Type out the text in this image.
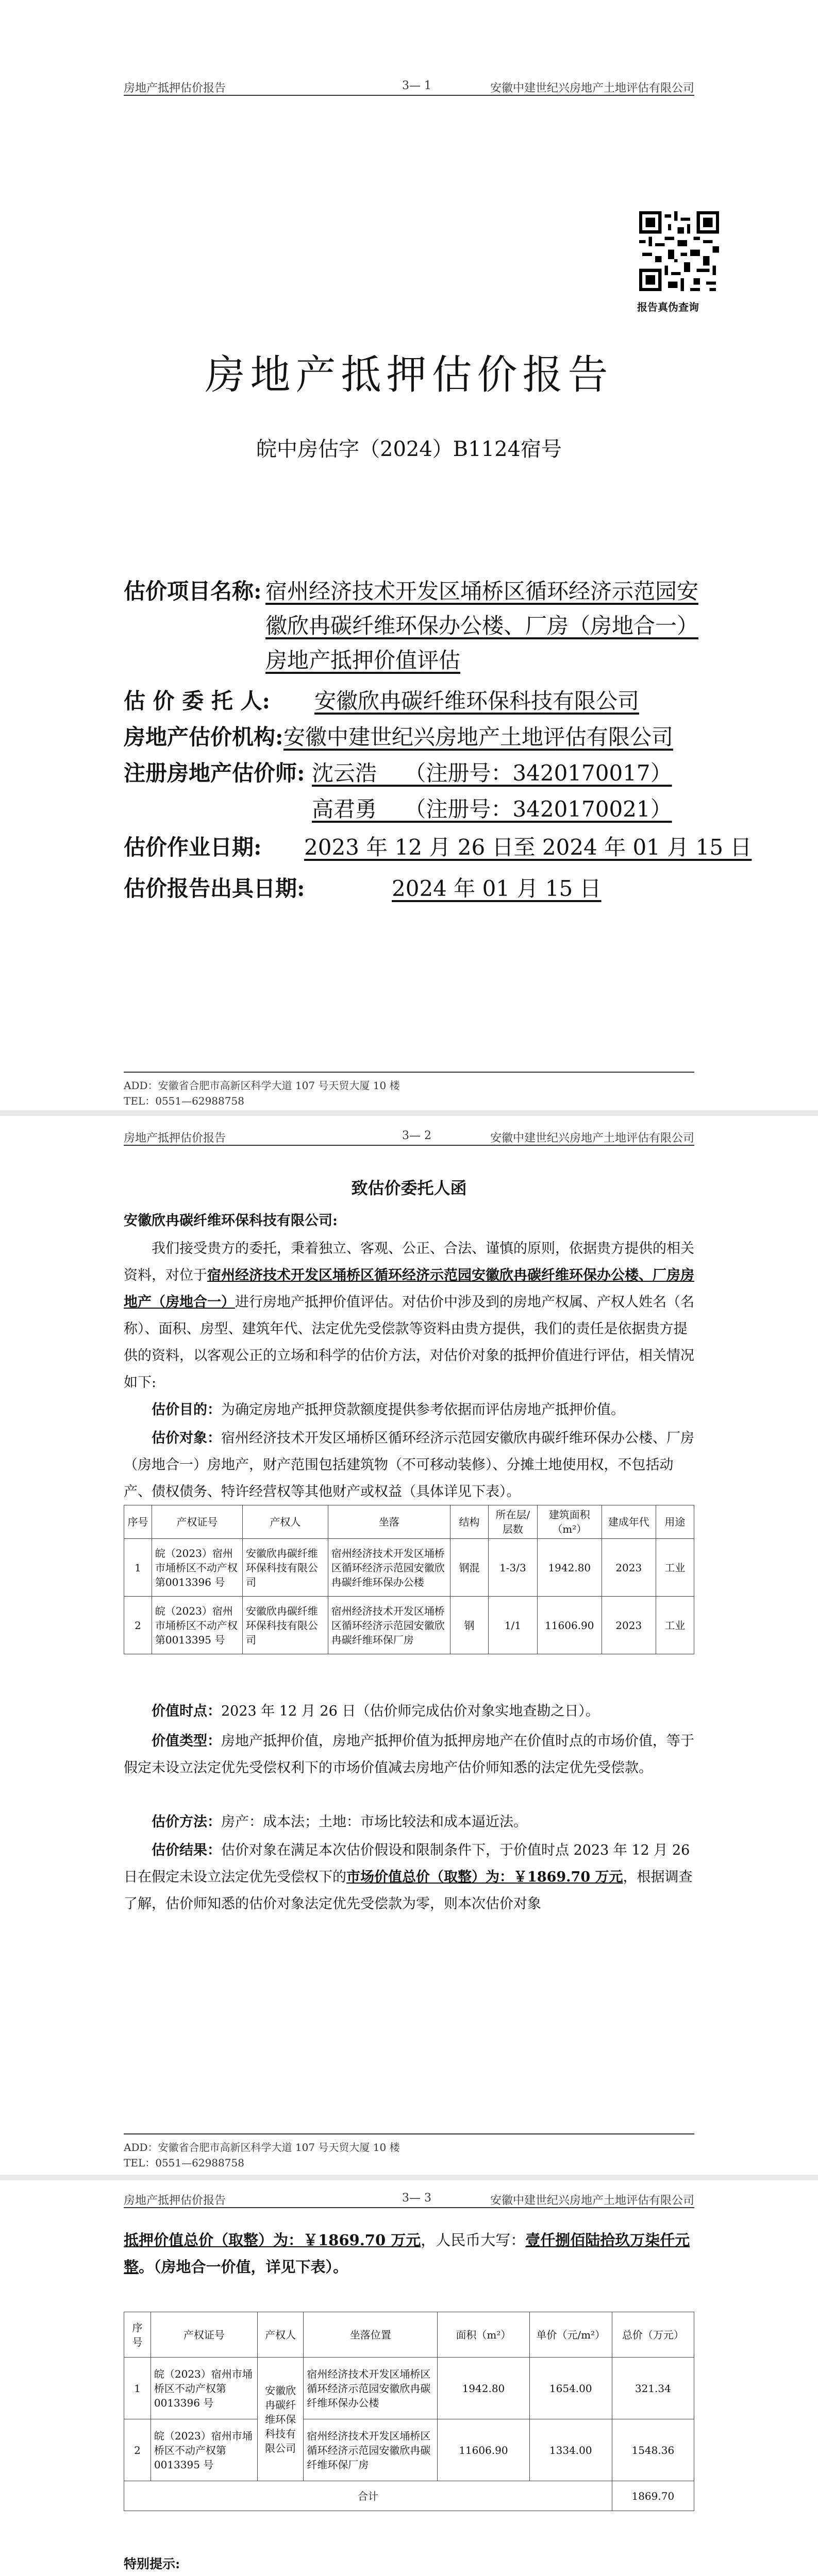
房地产抵押估价报告	3— 1	安徽中建世纪兴房地产土地评估有限公司
报告真伪查询
房地产抵押估价报告
皖中房估字（2024）B1124宿号
估价项目名称: 宿州经济技术开发区埇桥区循环经济示范园安
徽欣冉碳纤维环保办公楼、厂房（房地合一）
房地产抵押价值评估
估 价 委 托 人: 安徽欣冉碳纤维环保科技有限公司
房地产估价机构: 安徽中建世纪兴房地产土地评估有限公司
注册房地产估价师: 沈云浩    （注册号：3420170017）
高君勇    （注册号：3420170021）
估价作业日期: 2023 年 12 月 26 日至 2024 年 01 月 15 日
估价报告出具日期:	2024 年 01 月 15 日
ADD：安徽省合肥市高新区科学大道 107 号天贸大厦 10 楼
TEL：0551—62988758
房地产抵押估价报告	3— 2	安徽中建世纪兴房地产土地评估有限公司
致估价委托人函
安徽欣冉碳纤维环保科技有限公司:
我们接受贵方的委托，秉着独立、客观、公正、合法、谨慎的原则，依据贵方提供的相关资料，对位于宿州经济技术开发区埇桥区循环经济示范园安徽欣冉碳纤维环保办公楼、厂房房地产（房地合一）进行房地产抵押价值评估。对估价中涉及到的房地产权属、产权人姓名（名称）、面积、房型、建筑年代、法定优先受偿款等资料由贵方提供，我们的责任是依据贵方提供的资料，以客观公正的立场和科学的估价方法，对估价对象的抵押价值进行评估，相关情况如下:
估价目的：为确定房地产抵押贷款额度提供参考依据而评估房地产抵押价值。
估价对象：宿州经济技术开发区埇桥区循环经济示范园安徽欣冉碳纤维环保办公楼、厂房（房地合一）房地产，财产范围包括建筑物（不可移动装修）、分摊土地使用权，不包括动产、债权债务、特许经营权等其他财产或权益（具体详见下表）。
序号	产权证号	产权人	坐落	结构	所在层/层数	建筑面积（m²）	建成年代	用途
1	皖（2023）宿州市埇桥区不动产权第0013396 号	安徽欣冉碳纤维环保科技有限公司	宿州经济技术开发区埇桥区循环经济示范园安徽欣冉碳纤维环保办公楼	钢混	1-3/3	1942.80	2023	工业
2	皖（2023）宿州市埇桥区不动产权第0013395 号	安徽欣冉碳纤维环保科技有限公司	宿州经济技术开发区埇桥区循环经济示范园安徽欣冉碳纤维环保厂房	钢	1/1	11606.90	2023	工业
价值时点：2023 年 12 月 26 日（估价师完成估价对象实地查勘之日）。
价值类型：房地产抵押价值，房地产抵押价值为抵押房地产在价值时点的市场价值，等于假定未设立法定优先受偿权利下的市场价值减去房地产估价师知悉的法定优先受偿款。
估价方法：房产：成本法；土地：市场比较法和成本逼近法。
估价结果：估价对象在满足本次估价假设和限制条件下，于价值时点 2023 年 12 月 26 日在假定未设立法定优先受偿权下的市场价值总价（取整）为：￥1869.70 万元，根据调查了解，估价师知悉的估价对象法定优先受偿款为零，则本次估价对象
ADD：安徽省合肥市高新区科学大道 107 号天贸大厦 10 楼
TEL：0551—62988758
房地产抵押估价报告	3— 3	安徽中建世纪兴房地产土地评估有限公司
抵押价值总价（取整）为：￥1869.70 万元，人民币大写：壹仟捌佰陆拾玖万柒仟元整。（房地合一价值，详见下表）。
序号	产权证号	产权人	坐落位置	面积（m²）	单价（元/m²）	总价（万元）
1	皖（2023）宿州市埇桥区不动产权第 0013396 号	安徽欣冉碳纤维环保科技有限公司	宿州经济技术开发区埇桥区循环经济示范园安徽欣冉碳纤维环保办公楼	1942.80	1654.00	321.34
2	皖（2023）宿州市埇桥区不动产权第 0013395 号		宿州经济技术开发区埇桥区循环经济示范园安徽欣冉碳纤维环保厂房	11606.90	1334.00	1548.36
合计						1869.70
特别提示:
